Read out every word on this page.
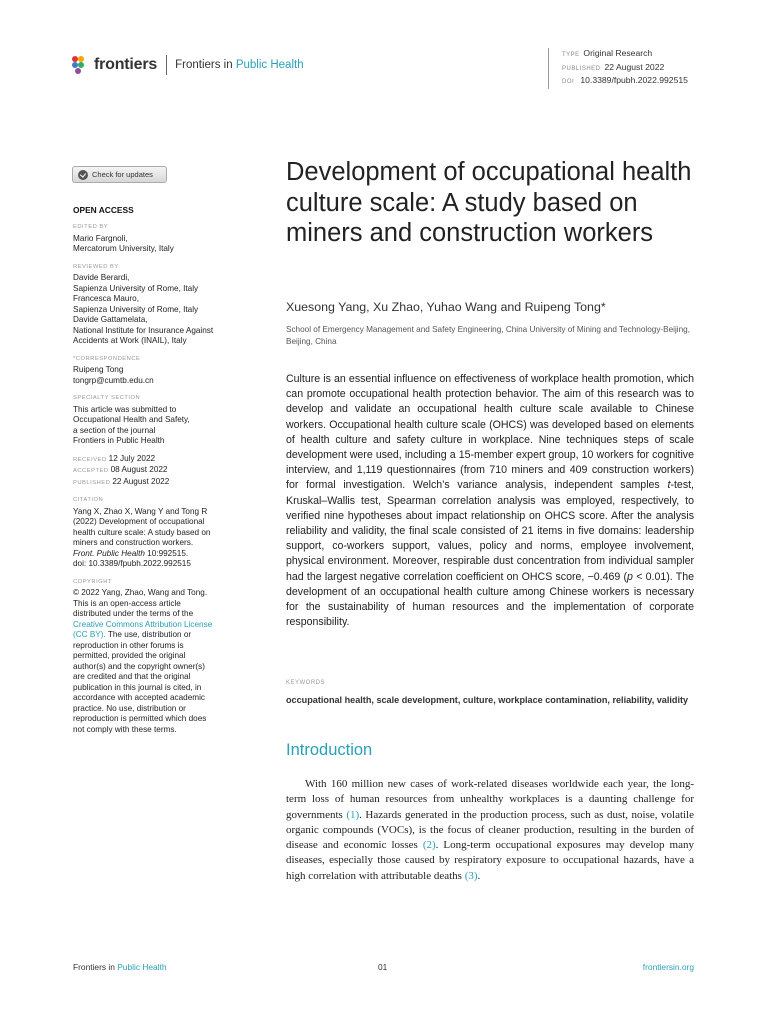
frontiers Frontiers in Public Health
TYPE Original Research
PUBLISHED 22 August 2022
DOI 10.3389/fpubh.2022.992515
Check for updates
OPEN ACCESS
EDITED BY
Mario Fargnoli,
Mercatorum University, Italy
REVIEWED BY
Davide Berardi,
Sapienza University of Rome, Italy
Francesca Mauro,
Sapienza University of Rome, Italy
Davide Gattamelata,
National Institute for Insurance Against
Accidents at Work (INAIL), Italy
*CORRESPONDENCE
Ruipeng Tong
tongrp@cumtb.edu.cn
SPECIALTY SECTION
This article was submitted to
Occupational Health and Safety,
a section of the journal
Frontiers in Public Health
RECEIVED 12 July 2022
ACCEPTED 08 August 2022
PUBLISHED 22 August 2022
CITATION
Yang X, Zhao X, Wang Y and Tong R
(2022) Development of occupational
health culture scale: A study based on
miners and construction workers.
Front. Public Health 10:992515.
doi: 10.3389/fpubh.2022.992515
COPYRIGHT
© 2022 Yang, Zhao, Wang and Tong.
This is an open-access article
distributed under the terms of the
Creative Commons Attribution License
(CC BY). The use, distribution or
reproduction in other forums is
permitted, provided the original
author(s) and the copyright owner(s)
are credited and that the original
publication in this journal is cited, in
accordance with accepted academic
practice. No use, distribution or
reproduction is permitted which does
not comply with these terms.
Development of occupational health culture scale: A study based on miners and construction workers
Xuesong Yang, Xu Zhao, Yuhao Wang and Ruipeng Tong*
School of Emergency Management and Safety Engineering, China University of Mining and Technology-Beijing, Beijing, China
Culture is an essential influence on effectiveness of workplace health promotion, which can promote occupational health protection behavior. The aim of this research was to develop and validate an occupational health culture scale available to Chinese workers. Occupational health culture scale (OHCS) was developed based on elements of health culture and safety culture in workplace. Nine techniques steps of scale development were used, including a 15-member expert group, 10 workers for cognitive interview, and 1,119 questionnaires (from 710 miners and 409 construction workers) for formal investigation. Welch’s variance analysis, independent samples t-test, Kruskal–Wallis test, Spearman correlation analysis was employed, respectively, to verified nine hypotheses about impact relationship on OHCS score. After the analysis reliability and validity, the final scale consisted of 21 items in five domains: leadership support, co-workers support, values, policy and norms, employee involvement, physical environment. Moreover, respirable dust concentration from individual sampler had the largest negative correlation coefficient on OHCS score, −0.469 (p < 0.01). The development of an occupational health culture among Chinese workers is necessary for the sustainability of human resources and the implementation of corporate responsibility.
KEYWORDS
occupational health, scale development, culture, workplace contamination, reliability, validity
Introduction
With 160 million new cases of work-related diseases worldwide each year, the long-term loss of human resources from unhealthy workplaces is a daunting challenge for governments (1). Hazards generated in the production process, such as dust, noise, volatile organic compounds (VOCs), is the focus of cleaner production, resulting in the burden of disease and economic losses (2). Long-term occupational exposures may develop many diseases, especially those caused by respiratory exposure to occupational hazards, have a high correlation with attributable deaths (3).
Frontiers in Public Health	01	frontiersin.org
